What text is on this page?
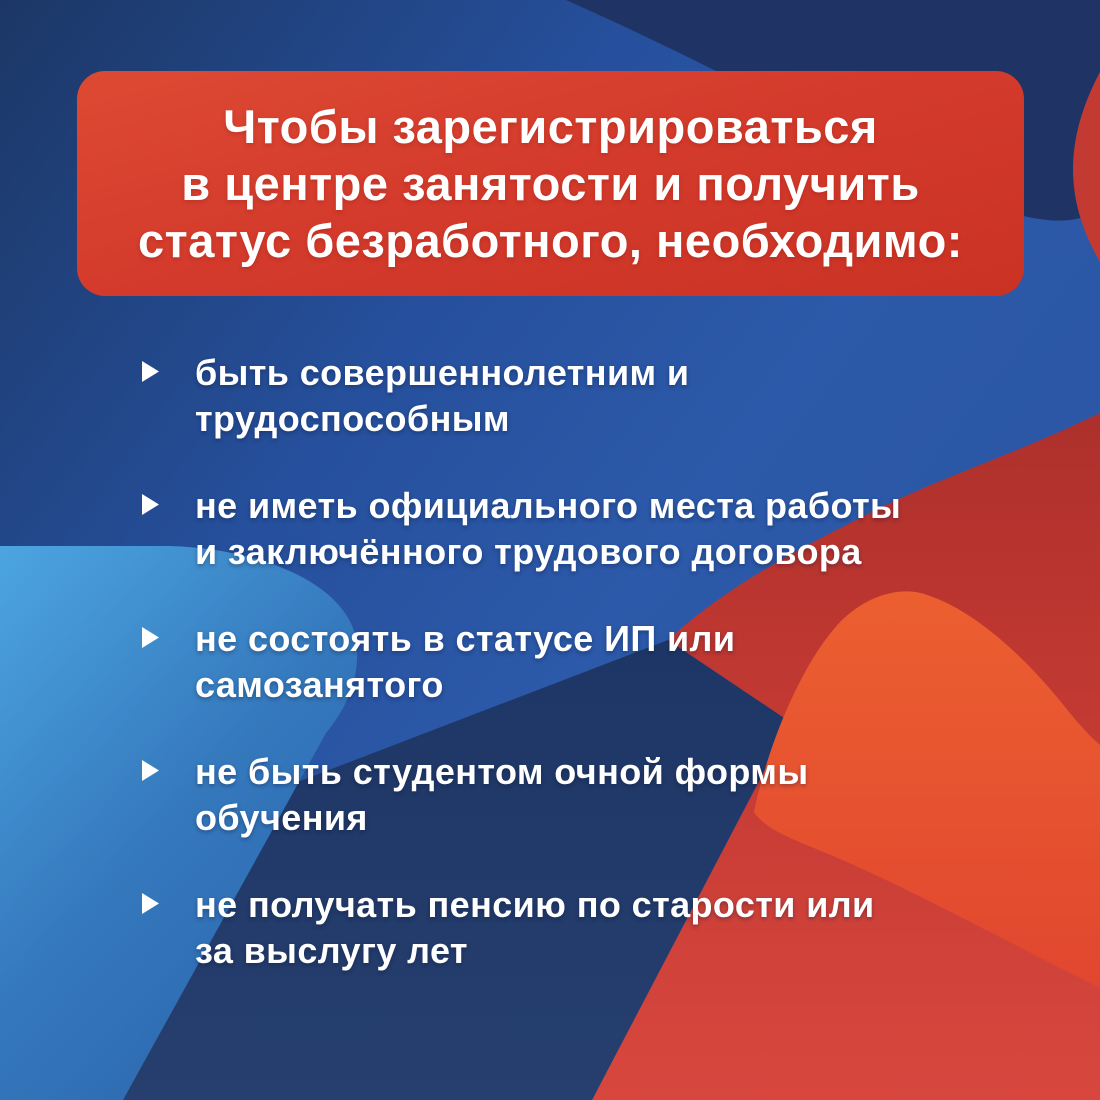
Чтобы зарегистрироваться
в центре занятости и получить
статус безработного, необходимо:
быть совершеннолетним и
трудоспособным
не иметь официального места работы
и заключённого трудового договора
не состоять в статусе ИП или
самозанятого
не быть студентом очной формы
обучения
не получать пенсию по старости или
за выслугу лет
